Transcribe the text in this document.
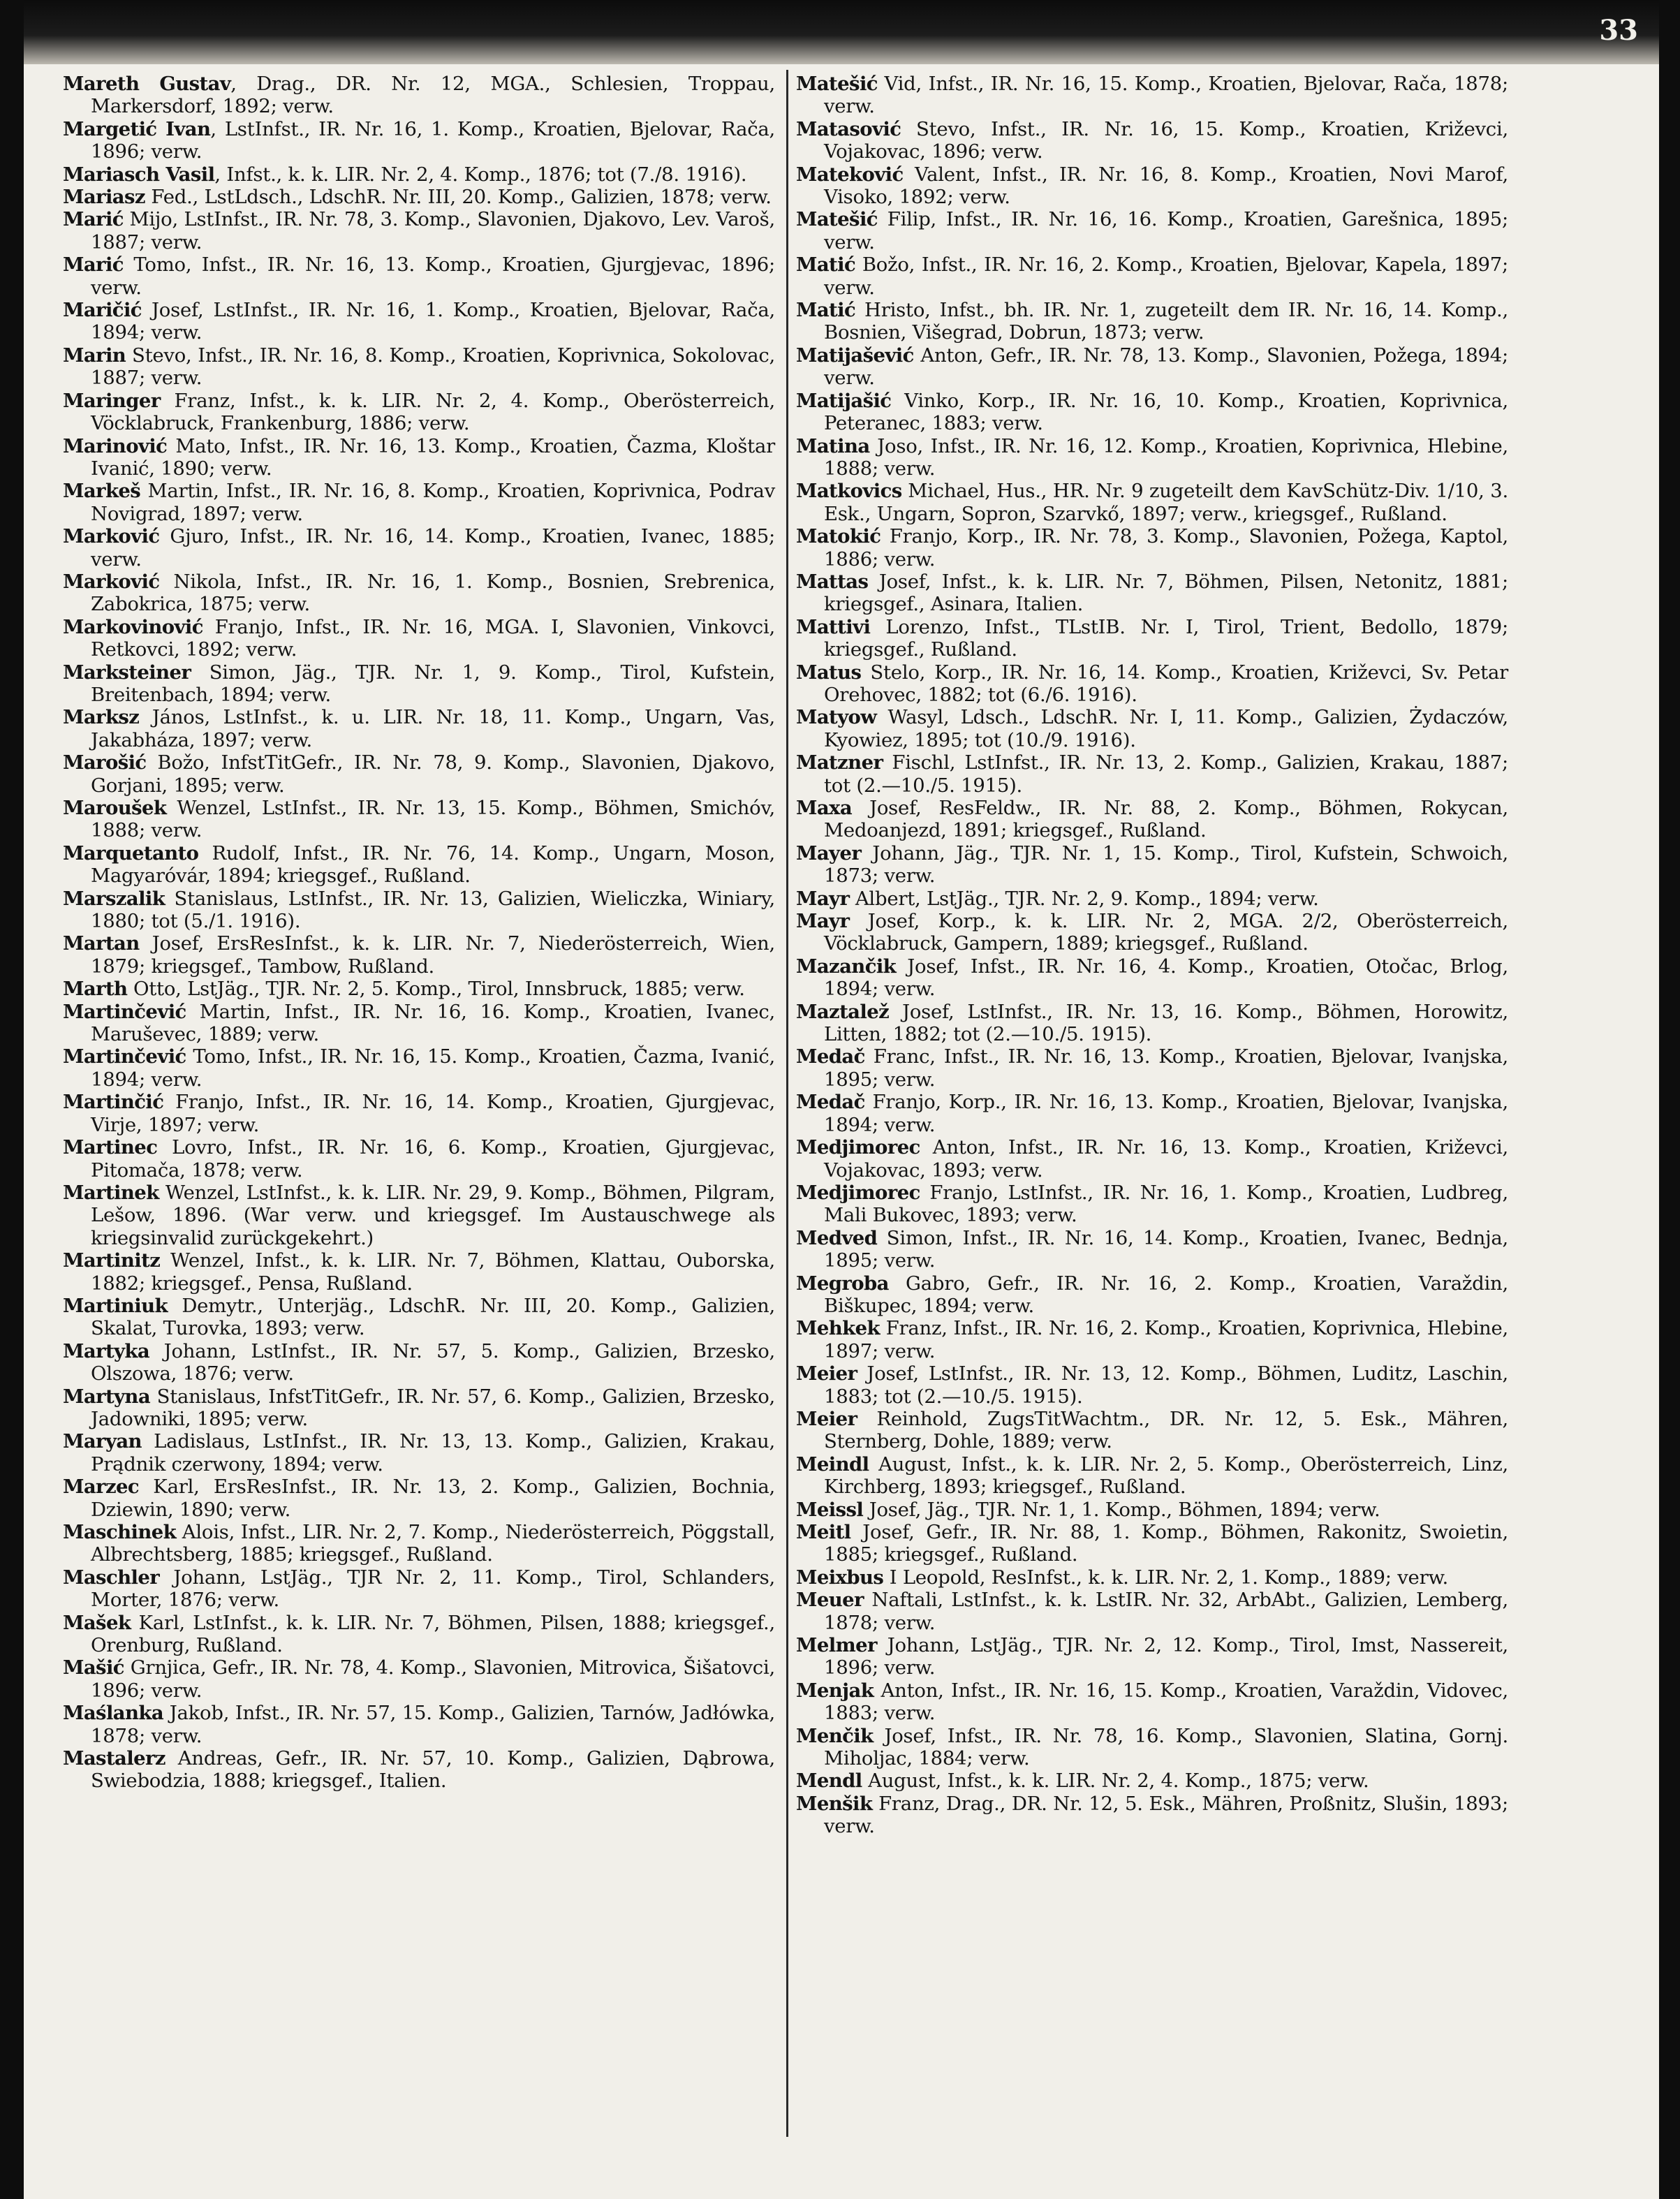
33

Mareth Gustav, Drag., DR. Nr. 12, MGA., Schlesien, Troppau, Markersdorf, 1892; verw.

Margetić Ivan, LstInfst., IR. Nr. 16, 1. Komp., Kroatien, Bjelovar, Rača, 1896; verw.

Mariasch Vasil, Infst., k. k. LIR. Nr. 2, 4. Komp., 1876; tot (7./8. 1916).

Mariasz Fed., LstLdsch., LdschR. Nr. III, 20. Komp., Galizien, 1878; verw.

Marić Mijo, LstInfst., IR. Nr. 78, 3. Komp., Slavonien, Djakovo, Lev. Varoš, 1887; verw.

Marić Tomo, Infst., IR. Nr. 16, 13. Komp., Kroatien, Gjurgjevac, 1896; verw.

Maričić Josef, LstInfst., IR. Nr. 16, 1. Komp., Kroatien, Bjelovar, Rača, 1894; verw.

Marin Stevo, Infst., IR. Nr. 16, 8. Komp., Kroatien, Koprivnica, Sokolovac, 1887; verw.

Maringer Franz, Infst., k. k. LIR. Nr. 2, 4. Komp., Oberösterreich, Vöcklabruck, Frankenburg, 1886; verw.

Marinović Mato, Infst., IR. Nr. 16, 13. Komp., Kroatien, Čazma, Kloštar Ivanić, 1890; verw.

Markeš Martin, Infst., IR. Nr. 16, 8. Komp., Kroatien, Koprivnica, Podrav Novigrad, 1897; verw.

Marković Gjuro, Infst., IR. Nr. 16, 14. Komp., Kroatien, Ivanec, 1885; verw.

Marković Nikola, Infst., IR. Nr. 16, 1. Komp., Bosnien, Srebrenica, Zabokrica, 1875; verw.

Markovinović Franjo, Infst., IR. Nr. 16, MGA. I, Slavonien, Vinkovci, Retkovci, 1892; verw.

Marksteiner Simon, Jäg., TJR. Nr. 1, 9. Komp., Tirol, Kufstein, Breitenbach, 1894; verw.

Marksz János, LstInfst., k. u. LIR. Nr. 18, 11. Komp., Ungarn, Vas, Jakabháza, 1897; verw.

Marošić Božo, InfstTitGefr., IR. Nr. 78, 9. Komp., Slavonien, Djakovo, Gorjani, 1895; verw.

Maroušek Wenzel, LstInfst., IR. Nr. 13, 15. Komp., Böhmen, Smichóv, 1888; verw.

Marquetanto Rudolf, Infst., IR. Nr. 76, 14. Komp., Ungarn, Moson, Magyaróvár, 1894; kriegsgef., Rußland.

Marszalik Stanislaus, LstInfst., IR. Nr. 13, Galizien, Wieliczka, Winiary, 1880; tot (5./1. 1916).

Martan Josef, ErsResInfst., k. k. LIR. Nr. 7, Niederösterreich, Wien, 1879; kriegsgef., Tambow, Rußland.

Marth Otto, LstJäg., TJR. Nr. 2, 5. Komp., Tirol, Innsbruck, 1885; verw.

Martinčević Martin, Infst., IR. Nr. 16, 16. Komp., Kroatien, Ivanec, Maruševec, 1889; verw.

Martinčević Tomo, Infst., IR. Nr. 16, 15. Komp., Kroatien, Čazma, Ivanić, 1894; verw.

Martinčić Franjo, Infst., IR. Nr. 16, 14. Komp., Kroatien, Gjurgjevac, Virje, 1897; verw.

Martinec Lovro, Infst., IR. Nr. 16, 6. Komp., Kroatien, Gjurgjevac, Pitomača, 1878; verw.

Martinek Wenzel, LstInfst., k. k. LIR. Nr. 29, 9. Komp., Böhmen, Pilgram, Lešow, 1896. (War verw. und kriegsgef. Im Austauschwege als kriegsinvalid zurückgekehrt.)

Martinitz Wenzel, Infst., k. k. LIR. Nr. 7, Böhmen, Klattau, Ouborska, 1882; kriegsgef., Pensa, Rußland.

Martiniuk Demytr., Unterjäg., LdschR. Nr. III, 20. Komp., Galizien, Skalat, Turovka, 1893; verw.

Martyka Johann, LstInfst., IR. Nr. 57, 5. Komp., Galizien, Brzesko, Olszowa, 1876; verw.

Martyna Stanislaus, InfstTitGefr., IR. Nr. 57, 6. Komp., Galizien, Brzesko, Jadowniki, 1895; verw.

Maryan Ladislaus, LstInfst., IR. Nr. 13, 13. Komp., Galizien, Krakau, Prądnik czerwony, 1894; verw.

Marzec Karl, ErsResInfst., IR. Nr. 13, 2. Komp., Galizien, Bochnia, Dziewin, 1890; verw.

Maschinek Alois, Infst., LIR. Nr. 2, 7. Komp., Niederösterreich, Pöggstall, Albrechtsberg, 1885; kriegsgef., Rußland.

Maschler Johann, LstJäg., TJR Nr. 2, 11. Komp., Tirol, Schlanders, Morter, 1876; verw.

Mašek Karl, LstInfst., k. k. LIR. Nr. 7, Böhmen, Pilsen, 1888; kriegsgef., Orenburg, Rußland.

Mašić Grnjica, Gefr., IR. Nr. 78, 4. Komp., Slavonien, Mitrovica, Šišatovci, 1896; verw.

Maślanka Jakob, Infst., IR. Nr. 57, 15. Komp., Galizien, Tarnów, Jadłówka, 1878; verw.

Mastalerz Andreas, Gefr., IR. Nr. 57, 10. Komp., Galizien, Dąbrowa, Swiebodzia, 1888; kriegsgef., Italien.

Matešić Vid, Infst., IR. Nr. 16, 15. Komp., Kroatien, Bjelovar, Rača, 1878; verw.

Matasović Stevo, Infst., IR. Nr. 16, 15. Komp., Kroatien, Križevci, Vojakovac, 1896; verw.

Mateković Valent, Infst., IR. Nr. 16, 8. Komp., Kroatien, Novi Marof, Visoko, 1892; verw.

Matešić Filip, Infst., IR. Nr. 16, 16. Komp., Kroatien, Garešnica, 1895; verw.

Matić Božo, Infst., IR. Nr. 16, 2. Komp., Kroatien, Bjelovar, Kapela, 1897; verw.

Matić Hristo, Infst., bh. IR. Nr. 1, zugeteilt dem IR. Nr. 16, 14. Komp., Bosnien, Višegrad, Dobrun, 1873; verw.

Matijašević Anton, Gefr., IR. Nr. 78, 13. Komp., Slavonien, Požega, 1894; verw.

Matijašić Vinko, Korp., IR. Nr. 16, 10. Komp., Kroatien, Koprivnica, Peteranec, 1883; verw.

Matina Joso, Infst., IR. Nr. 16, 12. Komp., Kroatien, Koprivnica, Hlebine, 1888; verw.

Matkovics Michael, Hus., HR. Nr. 9 zugeteilt dem KavSchütz-Div. 1/10, 3. Esk., Ungarn, Sopron, Szarvkő, 1897; verw., kriegsgef., Rußland.

Matokić Franjo, Korp., IR. Nr. 78, 3. Komp., Slavonien, Požega, Kaptol, 1886; verw.

Mattas Josef, Infst., k. k. LIR. Nr. 7, Böhmen, Pilsen, Netonitz, 1881; kriegsgef., Asinara, Italien.

Mattivi Lorenzo, Infst., TLstIB. Nr. I, Tirol, Trient, Bedollo, 1879; kriegsgef., Rußland.

Matus Stelo, Korp., IR. Nr. 16, 14. Komp., Kroatien, Križevci, Sv. Petar Orehovec, 1882; tot (6./6. 1916).

Matyow Wasyl, Ldsch., LdschR. Nr. I, 11. Komp., Galizien, Żydaczów, Kyowiez, 1895; tot (10./9. 1916).

Matzner Fischl, LstInfst., IR. Nr. 13, 2. Komp., Galizien, Krakau, 1887; tot (2.—10./5. 1915).

Maxa Josef, ResFeldw., IR. Nr. 88, 2. Komp., Böhmen, Rokycan, Medoanjezd, 1891; kriegsgef., Rußland.

Mayer Johann, Jäg., TJR. Nr. 1, 15. Komp., Tirol, Kufstein, Schwoich, 1873; verw.

Mayr Albert, LstJäg., TJR. Nr. 2, 9. Komp., 1894; verw.

Mayr Josef, Korp., k. k. LIR. Nr. 2, MGA. 2/2, Oberösterreich, Vöcklabruck, Gampern, 1889; kriegsgef., Rußland.

Mazančik Josef, Infst., IR. Nr. 16, 4. Komp., Kroatien, Otočac, Brlog, 1894; verw.

Maztalež Josef, LstInfst., IR. Nr. 13, 16. Komp., Böhmen, Horowitz, Litten, 1882; tot (2.—10./5. 1915).

Medač Franc, Infst., IR. Nr. 16, 13. Komp., Kroatien, Bjelovar, Ivanjska, 1895; verw.

Medač Franjo, Korp., IR. Nr. 16, 13. Komp., Kroatien, Bjelovar, Ivanjska, 1894; verw.

Medjimorec Anton, Infst., IR. Nr. 16, 13. Komp., Kroatien, Križevci, Vojakovac, 1893; verw.

Medjimorec Franjo, LstInfst., IR. Nr. 16, 1. Komp., Kroatien, Ludbreg, Mali Bukovec, 1893; verw.

Medved Simon, Infst., IR. Nr. 16, 14. Komp., Kroatien, Ivanec, Bednja, 1895; verw.

Megroba Gabro, Gefr., IR. Nr. 16, 2. Komp., Kroatien, Varaždin, Biškupec, 1894; verw.

Mehkek Franz, Infst., IR. Nr. 16, 2. Komp., Kroatien, Koprivnica, Hlebine, 1897; verw.

Meier Josef, LstInfst., IR. Nr. 13, 12. Komp., Böhmen, Luditz, Laschin, 1883; tot (2.—10./5. 1915).

Meier Reinhold, ZugsTitWachtm., DR. Nr. 12, 5. Esk., Mähren, Sternberg, Dohle, 1889; verw.

Meindl August, Infst., k. k. LIR. Nr. 2, 5. Komp., Oberösterreich, Linz, Kirchberg, 1893; kriegsgef., Rußland.

Meissl Josef, Jäg., TJR. Nr. 1, 1. Komp., Böhmen, 1894; verw.

Meitl Josef, Gefr., IR. Nr. 88, 1. Komp., Böhmen, Rakonitz, Swoietin, 1885; kriegsgef., Rußland.

Meixbus I Leopold, ResInfst., k. k. LIR. Nr. 2, 1. Komp., 1889; verw.

Meuer Naftali, LstInfst., k. k. LstIR. Nr. 32, ArbAbt., Galizien, Lemberg, 1878; verw.

Melmer Johann, LstJäg., TJR. Nr. 2, 12. Komp., Tirol, Imst, Nassereit, 1896; verw.

Menjak Anton, Infst., IR. Nr. 16, 15. Komp., Kroatien, Varaždin, Vidovec, 1883; verw.

Menčik Josef, Infst., IR. Nr. 78, 16. Komp., Slavonien, Slatina, Gornj. Miholjac, 1884; verw.

Mendl August, Infst., k. k. LIR. Nr. 2, 4. Komp., 1875; verw.

Menšik Franz, Drag., DR. Nr. 12, 5. Esk., Mähren, Proßnitz, Slušin, 1893; verw.
